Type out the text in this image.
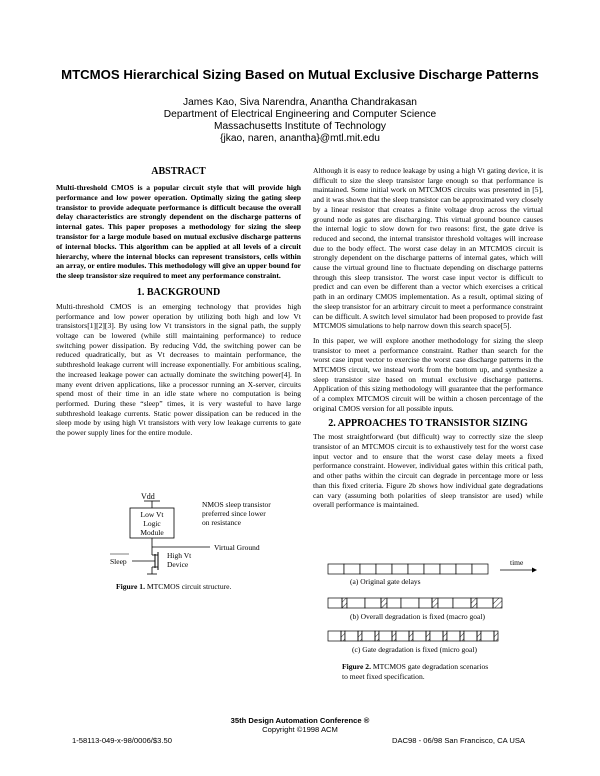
MTCMOS Hierarchical Sizing Based on Mutual Exclusive Discharge Patterns
James Kao, Siva Narendra, Anantha Chandrakasan
Department of Electrical Engineering and Computer Science
Massachusetts Institute of Technology
{jkao, naren, anantha}@mtl.mit.edu
ABSTRACT
Multi-threshold CMOS is a popular circuit style that will provide high performance and low power operation. Optimally sizing the gating sleep transistor to provide adequate performance is difficult because the overall delay characteristics are strongly dependent on the discharge patterns of internal gates. This paper proposes a methodology for sizing the sleep transistor for a large module based on mutual exclusive discharge patterns of internal blocks. This algorithm can be applied at all levels of a circuit hierarchy, where the internal blocks can represent transistors, cells within an array, or entire modules. This methodology will give an upper bound for the sleep transistor size required to meet any performance constraint.
1. BACKGROUND
Multi-threshold CMOS is an emerging technology that provides high performance and low power operation by utilizing both high and low Vt transistors[1][2][3]. By using low Vt transistors in the signal path, the supply voltage can be lowered (while still maintaining performance) to reduce switching power dissipation. By reducing Vdd, the switching power can be reduced quadratically, but as Vt decreases to maintain performance, the subthreshold leakage current will increase exponentially. For ambitious scaling, the increased leakage power can actually dominate the switching power[4]. In many event driven applications, like a processor running an X-server, circuits spend most of their time in an idle state where no computation is being performed. During these “sleep” times, it is very wasteful to have large subthreshold leakage currents. Static power dissipation can be reduced in the sleep mode by using high Vt transistors with very low leakage currents to gate the power supply lines for the entire module.
Vdd
Low Vt
Logic
Module
Virtual Ground
Sleep
High Vt
Device
NMOS sleep transistor
preferred since lower
on resistance
Figure 1. MTCMOS circuit structure.

Although it is easy to reduce leakage by using a high Vt gating device, it is difficult to size the sleep transistor large enough so that performance is maintained. Some initial work on MTCMOS circuits was presented in [5], and it was shown that the sleep transistor can be approximated very closely by a linear resistor that creates a finite voltage drop across the virtual ground node as gates are discharging. This virtual ground bounce causes the internal logic to slow down for two reasons: first, the gate drive is reduced and second, the internal transistor threshold voltages will increase due to the body effect. The worst case delay in an MTCMOS circuit is strongly dependent on the discharge patterns of internal gates, which will cause the virtual ground line to fluctuate depending on discharge patterns through this sleep transistor. The worst case input vector is difficult to predict and can even be different than a vector which exercises a critical path in an ordinary CMOS implementation. As a result, optimal sizing of the sleep transistor for an arbitrary circuit to meet a performance constraint can be difficult. A switch level simulator had been proposed to provide fast MTCMOS simulations to help narrow down this search space[5].

In this paper, we will explore another methodology for sizing the sleep transistor to meet a performance constraint. Rather than search for the worst case input vector to exercise the worst case discharge patterns in the MTCMOS circuit, we instead work from the bottom up, and synthesize a sleep transistor size based on mutual exclusive discharge patterns. Application of this sizing methodology will guarantee that the performance of a complex MTCMOS circuit will be within a chosen percentage of the original CMOS version for all possible inputs.

2. APPROACHES TO TRANSISTOR SIZING

The most straightforward (but difficult) way to correctly size the sleep transistor of an MTCMOS circuit is to exhaustively test for the worst case input vector and to ensure that the worst case delay meets a fixed performance constraint. However, individual gates within this critical path, and other paths within the circuit can degrade in percentage more or less than this fixed criteria. Figure 2b shows how individual gate degradations can vary (assuming both polarities of sleep transistor are used) while overall performance is maintained.

time
(a) Original gate delays
(b) Overall degradation is fixed (macro goal)
(c) Gate degradation is fixed (micro goal)
Figure 2. MTCMOS gate degradation scenarios
to meet fixed specification.
35th Design Automation Conference ®
Copyright ©1998 ACM
1-58113-049-x-98/0006/$3.50	DAC98 - 06/98 San Francisco, CA USA
